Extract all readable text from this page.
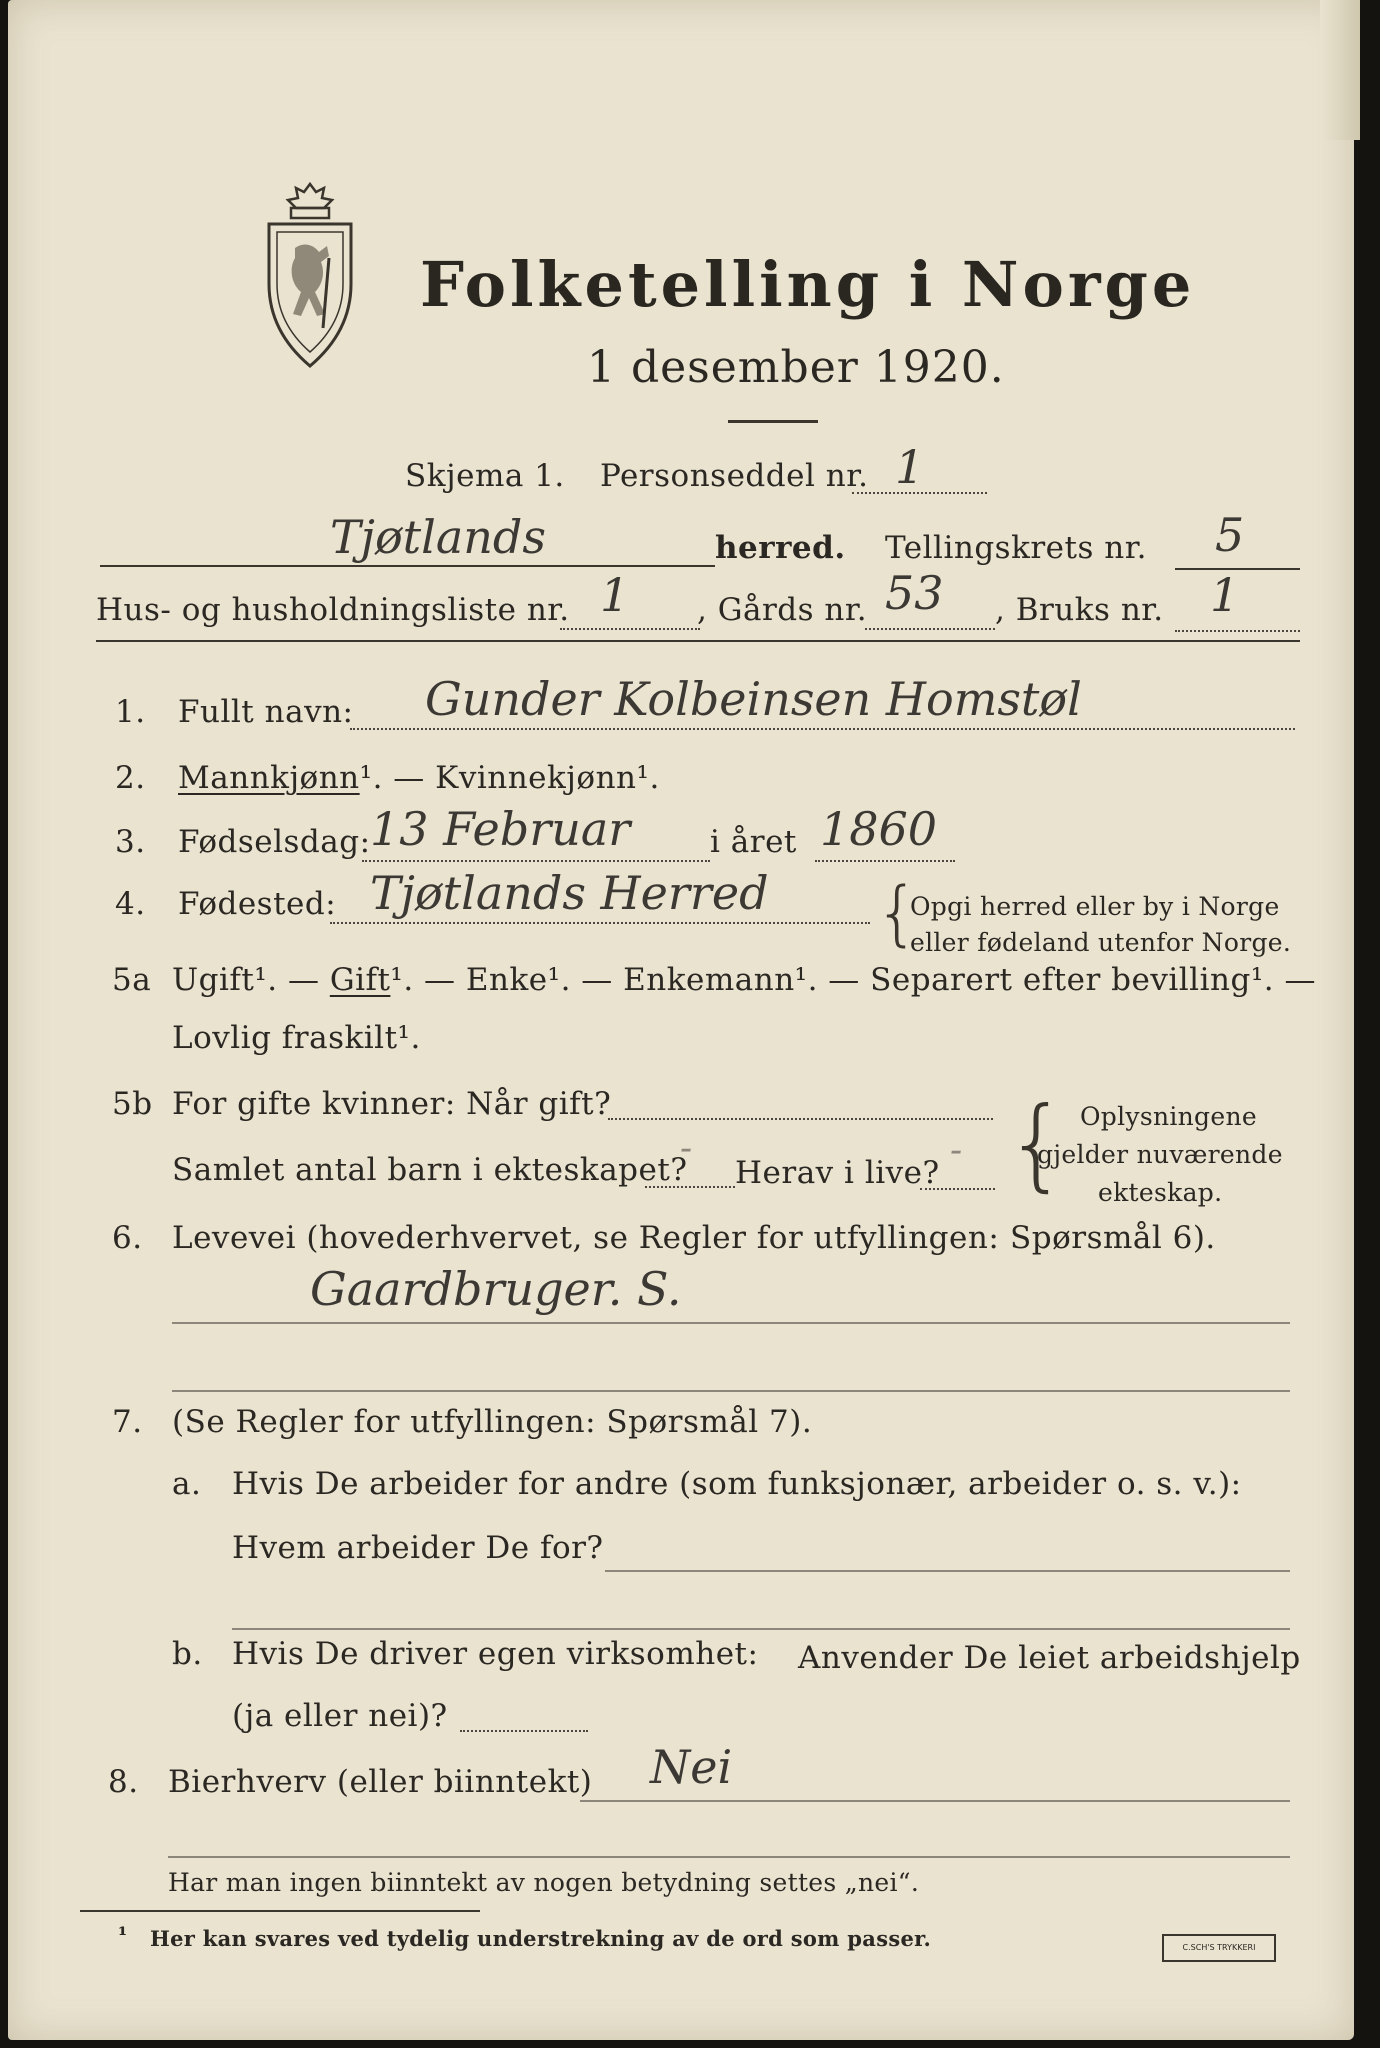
Folketelling i Norge
1 desember 1920.
Skjema 1. Personseddel nr. 1
Tjøtlands	herred. Tellingskrets nr. 5
Hus- og husholdningsliste nr. 1 , Gårds nr. 53 , Bruks nr. 1
1. Fullt navn: Gunder Kolbeinsen Homstøl
2. Mannkjønn¹. — Kvinnekjønn¹.
3. Fødselsdag: 13 Februar	i året 1860
4. Fødested: Tjøtlands Herred {
Opgi herred eller by i Norge
eller fødeland utenfor Norge.
5a Ugift¹. — Gift¹. — Enke¹. — Enkemann¹. — Separert efter bevilling¹. —
Lovlig fraskilt¹.
5b For gifte kvinner: Når gift?
Samlet antal barn i ekteskapet?
-
Herav i live?
- { Oplysningene
gjelder nuværende
ekteskap.
6. Levevei (hovederhvervet, se Regler for utfyllingen: Spørsmål 6).
Gaardbruger. S.
7. (Se Regler for utfyllingen: Spørsmål 7).
a. Hvis De arbeider for andre (som funksjonær, arbeider o. s. v.):
Hvem arbeider De for?
b. Hvis De driver egen virksomhet: Anvender De leiet arbeidshjelp
(ja eller nei)?
8. Bierhverv (eller biinntekt) Nei
Har man ingen biinntekt av nogen betydning settes „nei“.
¹ Her kan svares ved tydelig understrekning av de ord som passer.	C.SCH'S TRYKKERI
